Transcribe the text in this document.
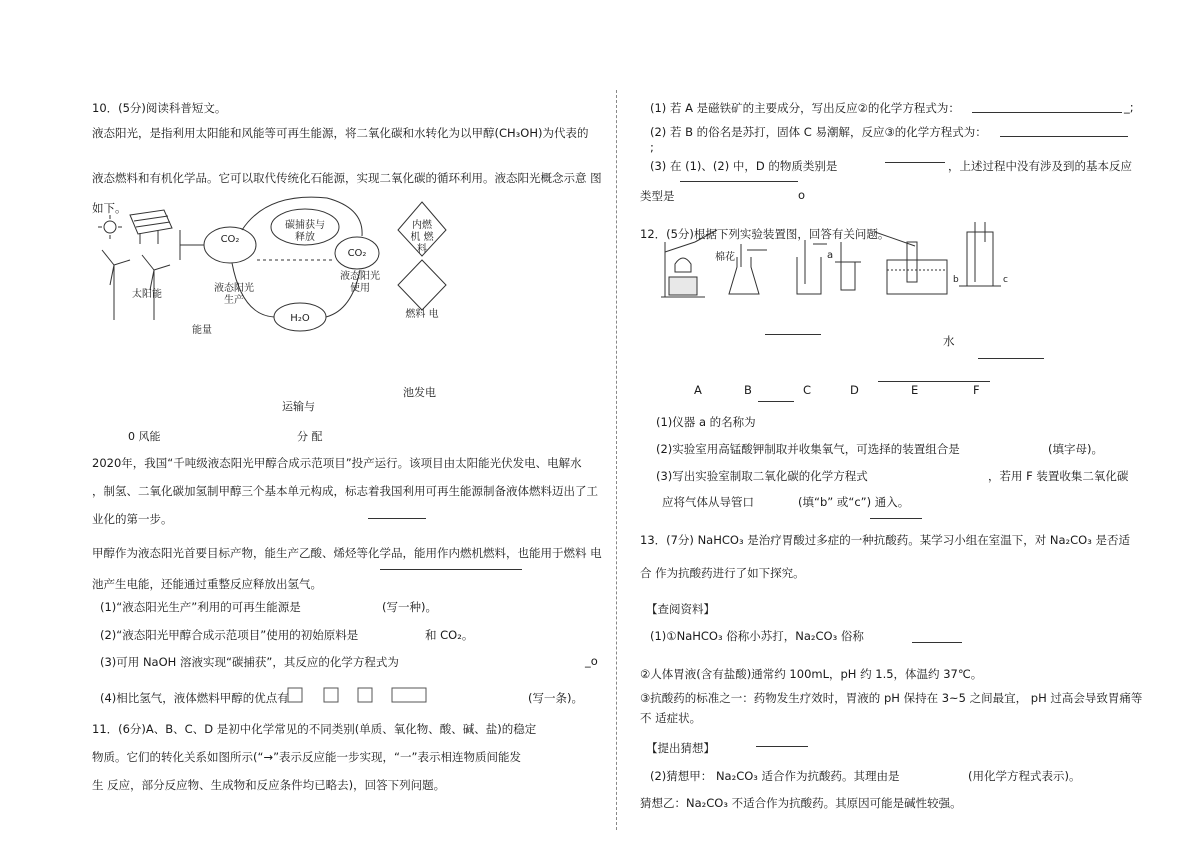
10．(5分)阅读科普短文。
液态阳光，是指利用太阳能和风能等可再生能源，将二氧化碳和水转化为以甲醇(CH₃OH)为代表的
液态燃料和有机化学品。它可以取代传统化石能源，实现二氧化碳的循环利用。液态阳光概念示意 图
如下。
CO₂
碳捕获与释放
CO₂
H₂O
液态阳光生产
液态阳光使用
内燃机 燃料
燃料 电
太阳能
能量
池发电
运输与
0 风能	分 配
2020年，我国“千吨级液态阳光甲醇合成示范项目”投产运行。该项目由太阳能光伏发电、电解水
，制氢、二氧化碳加氢制甲醇三个基本单元构成，标志着我国利用可再生能源制备液体燃料迈出了工
业化的第一步。
甲醇作为液态阳光首要目标产物，能生产乙酸、烯烃等化学品，能用作内燃机燃料，也能用于燃料 电
池产生电能，还能通过重整反应释放出氢气。
(1)“液态阳光生产”利用的可再生能源是	(写一种)。
(2)“液态阳光甲醇合成示范项目”使用的初始原料是	和 CO₂。
(3)可用 NaOH 溶液实现“碳捕获”，其反应的化学方程式为	_o
(4)相比氢气，液体燃料甲醇的优点有	(写一条)。
11．(6分)A、B、C、D 是初中化学常见的不同类别(单质、氧化物、酸、碱、盐)的稳定
物质。它们的转化关系如图所示(“→”表示反应能一步实现，“一”表示相连物质间能发
生 反应，部分反应物、生成物和反应条件均已略去)，回答下列问题。
(1) 若 A 是磁铁矿的主要成分，写出反应②的化学方程式为：	_;
(2) 若 B 的俗名是苏打，固体 C 易潮解，反应③的化学方程式为：
;
(3) 在 (1)、(2) 中，D 的物质类别是	，上述过程中没有涉及到的基本反应
类型是	o
12．(5分)根据下列实验装置图，回答有关问题。
棉花	a
b	c
水
A	B	C	D	E	F
(1)仪器 a 的名称为
(2)实验室用高锰酸钾制取并收集氧气，可选择的装置组合是	(填字母)。
(3)写出实验室制取二氧化碳的化学方程式	，若用 F 装置收集二氧化碳
应将气体从导管口	(填“b” 或“c”) 通入。
13．(7分) NaHCO₃ 是治疗胃酸过多症的一种抗酸药。某学习小组在室温下，对 Na₂CO₃ 是否适
合 作为抗酸药进行了如下探究。
【查阅资料】
(1)①NaHCO₃ 俗称小苏打，Na₂CO₃ 俗称
②人体胃液(含有盐酸)通常约 100mL，pH 约 1.5，体温约 37℃。
③抗酸药的标准之一：药物发生疗效时，胃液的 pH 保持在 3~5 之间最宜， pH 过高会导致胃痛等
不 适症状。
【提出猜想】
(2)猜想甲： Na₂CO₃ 适合作为抗酸药。其理由是	(用化学方程式表示)。
猜想乙：Na₂CO₃ 不适合作为抗酸药。其原因可能是碱性较强。
